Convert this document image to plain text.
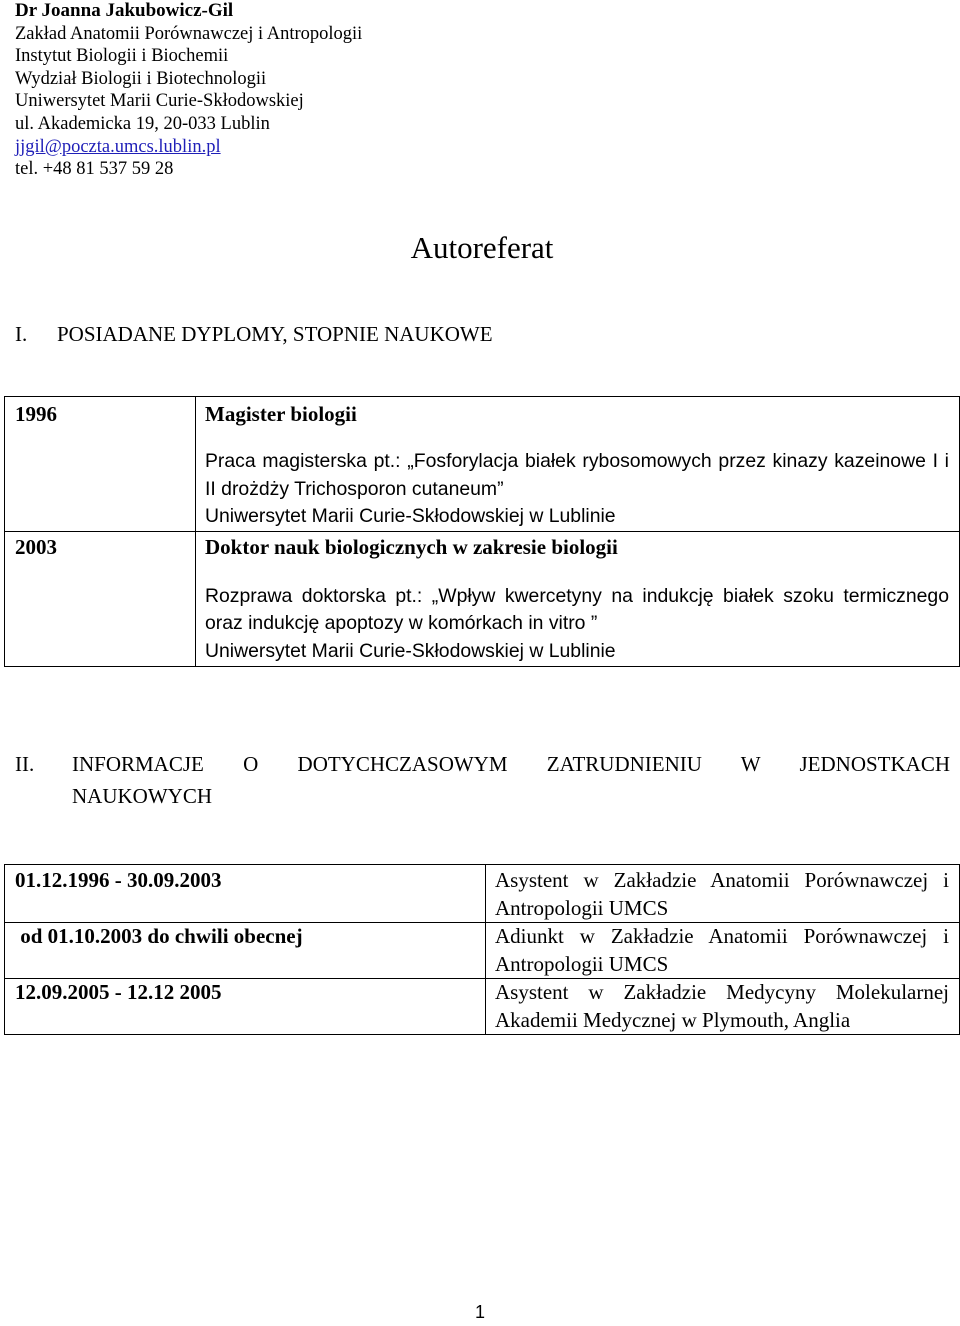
Dr Joanna Jakubowicz-Gil
Zakład Anatomii Porównawczej i Antropologii
Instytut Biologii i Biochemii
Wydział Biologii i Biotechnologii
Uniwersytet Marii Curie-Skłodowskiej
ul. Akademicka 19, 20-033 Lublin
jjgil@poczta.umcs.lublin.pl
tel. +48 81 537 59 28
Autoreferat
I. POSIADANE DYPLOMY, STOPNIE NAUKOWE
1996	Magister biologii
Praca magisterska pt.: „Fosforylacja białek rybosomowych przez kinazy kazeinowe I i II drożdży Trichosporon cutaneum”
Uniwersytet Marii Curie-Skłodowskiej w Lublinie

2003	Doktor nauk biologicznych w zakresie biologii
Rozprawa doktorska pt.: „Wpływ kwercetyny na indukcję białek szoku termicznego oraz indukcję apoptozy w komórkach in vitro ”
Uniwersytet Marii Curie-Skłodowskiej w Lublinie
II. INFORMACJE O DOTYCHCZASOWYM ZATRUDNIENIU W JEDNOSTKACH
NAUKOWYCH
01.12.1996 - 30.09.2003	Asystent w Zakładzie Anatomii Porównawczej i Antropologii UMCS
od 01.10.2003 do chwili obecnej	Adiunkt w Zakładzie Anatomii Porównawczej i Antropologii UMCS
12.09.2005 - 12.12 2005	Asystent w Zakładzie Medycyny Molekularnej Akademii Medycznej w Plymouth, Anglia
1
